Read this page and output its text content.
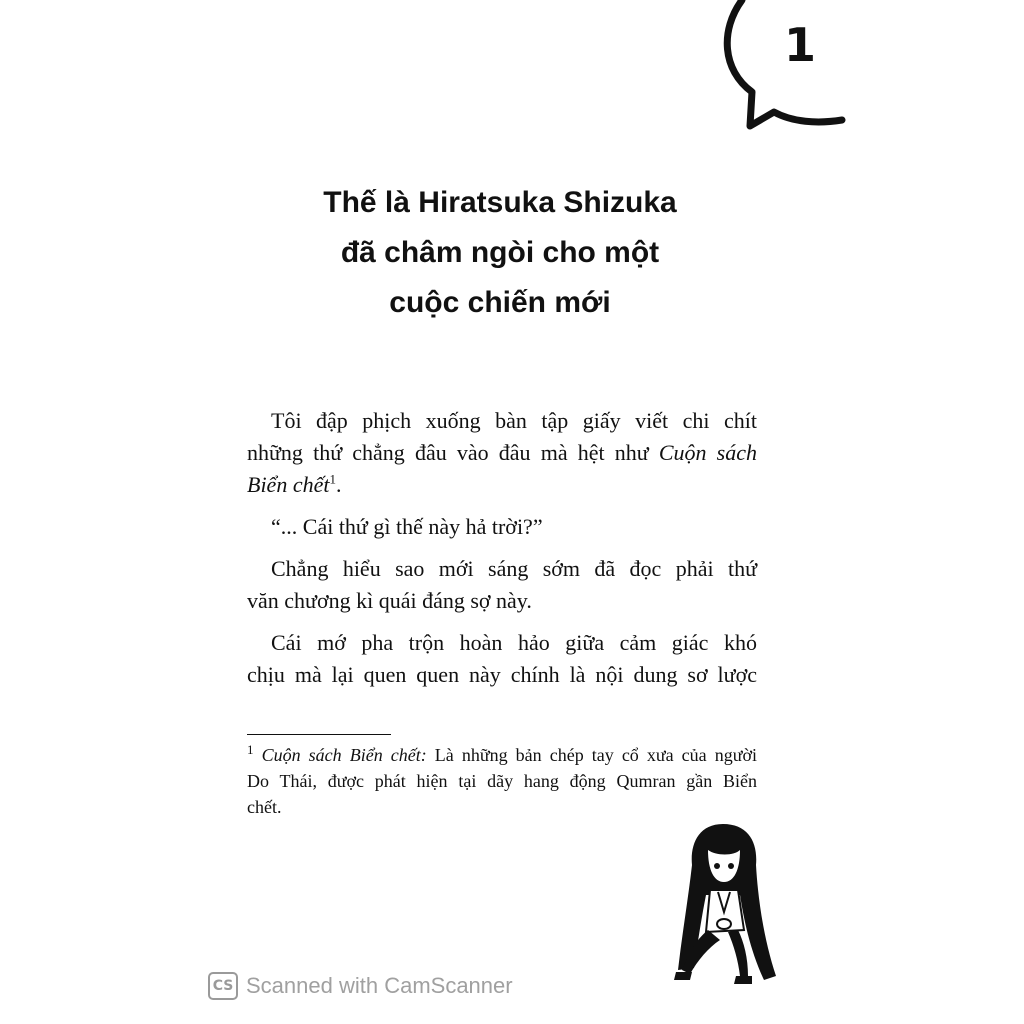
1
Thế là Hiratsuka Shizuka
đã châm ngòi cho một
cuộc chiến mới
Tôi đập phịch xuống bàn tập giấy viết chi chít
những thứ chẳng đâu vào đâu mà hệt như Cuộn sách
Biển chết$^1$.
“... Cái thứ gì thế này hả trời?”
Chẳng hiểu sao mới sáng sớm đã đọc phải thứ
văn chương kì quái đáng sợ này.
Cái mớ pha trộn hoàn hảo giữa cảm giác khó
chịu mà lại quen quen này chính là nội dung sơ lược
$^1$ Cuộn sách Biển chết: Là những bản chép tay cổ xưa của người
Do Thái, được phát hiện tại dãy hang động Qumran gần Biển
chết.
CS Scanned with CamScanner
